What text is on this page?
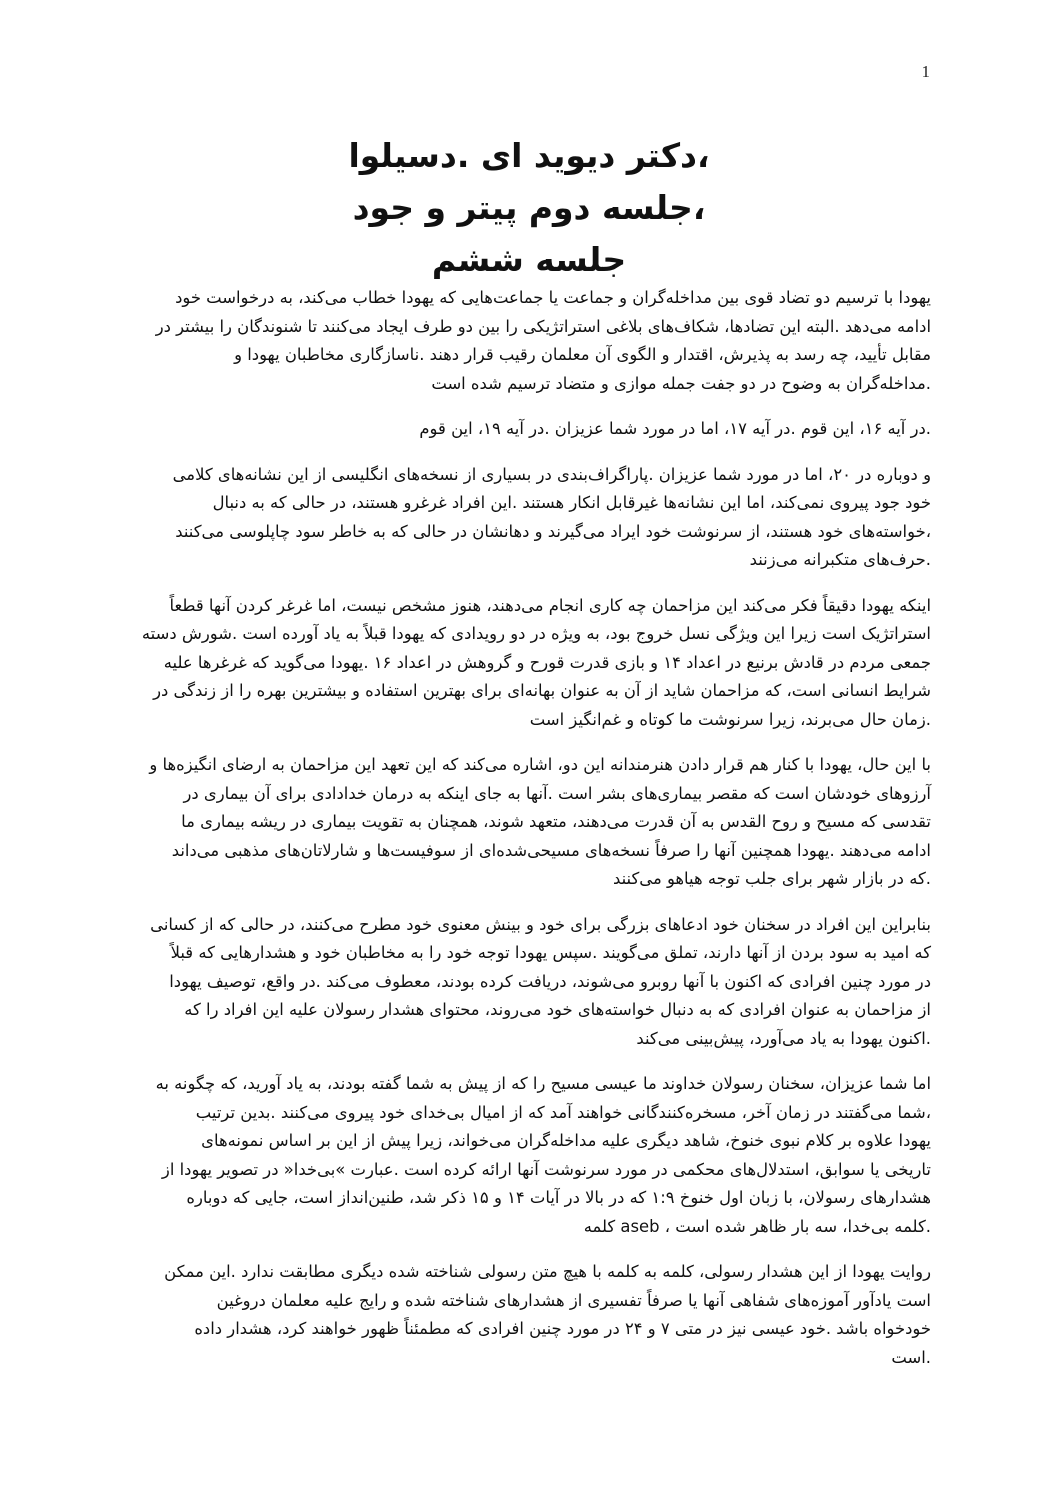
1
،دکتر دیوید ای .دسیلوا
،جلسه دوم پیتر و جود
جلسه ششم

یهودا با ترسیم دو تضاد قوی بین مداخله‌گران و جماعت یا جماعت‌هایی که یهودا خطاب می‌کند، به درخواست خود
ادامه می‌دهد .البته این تضادها، شکاف‌های بلاغی استراتژیکی را بین دو طرف ایجاد می‌کنند تا شنوندگان را بیشتر در
مقابل تأیید، چه رسد به پذیرش، اقتدار و الگوی آن معلمان رقیب قرار دهند .ناسازگاری مخاطبان یهودا و
.مداخله‌گران به وضوح در دو جفت جمله موازی و متضاد ترسیم شده است

.در آیه ۱۶، این قوم .در آیه ۱۷، اما در مورد شما عزیزان .در آیه ۱۹، این قوم

و دوباره در ۲۰، اما در مورد شما عزیزان .پاراگراف‌بندی در بسیاری از نسخه‌های انگلیسی از این نشانه‌های کلامی
خود جود پیروی نمی‌کند، اما این نشانه‌ها غیرقابل انکار هستند .این افراد غرغرو هستند، در حالی که به دنبال
،خواسته‌های خود هستند، از سرنوشت خود ایراد می‌گیرند و دهانشان در حالی که به خاطر سود چاپلوسی می‌کنند
.حرف‌های متکبرانه می‌زنند

اینکه یهودا دقیقاً فکر می‌کند این مزاحمان چه کاری انجام می‌دهند، هنوز مشخص نیست، اما غرغر کردن آنها قطعاً
استراتژیک است زیرا این ویژگی نسل خروج بود، به ویژه در دو رویدادی که یهودا قبلاً به یاد آورده است .شورش دسته
جمعی مردم در قادش برنیع در اعداد ۱۴ و بازی قدرت قورح و گروهش در اعداد ۱۶ .یهودا می‌گوید که غرغرها علیه
شرایط انسانی است، که مزاحمان شاید از آن به عنوان بهانه‌ای برای بهترین استفاده و بیشترین بهره را از زندگی در
.زمان حال می‌برند، زیرا سرنوشت ما کوتاه و غم‌انگیز است

با این حال، یهودا با کنار هم قرار دادن هنرمندانه این دو، اشاره می‌کند که این تعهد این مزاحمان به ارضای انگیزه‌ها و
آرزوهای خودشان است که مقصر بیماری‌های بشر است .آنها به جای اینکه به درمان خدادادی برای آن بیماری در
تقدسی که مسیح و روح القدس به آن قدرت می‌دهند، متعهد شوند، همچنان به تقویت بیماری در ریشه بیماری ما
ادامه می‌دهند .یهودا همچنین آنها را صرفاً نسخه‌های مسیحی‌شده‌ای از سوفیست‌ها و شارلاتان‌های مذهبی می‌داند
.که در بازار شهر برای جلب توجه هیاهو می‌کنند

بنابراین این افراد در سخنان خود ادعاهای بزرگی برای خود و بینش معنوی خود مطرح می‌کنند، در حالی که از کسانی
که امید به سود بردن از آنها دارند، تملق می‌گویند .سپس یهودا توجه خود را به مخاطبان خود و هشدارهایی که قبلاً
در مورد چنین افرادی که اکنون با آنها روبرو می‌شوند، دریافت کرده بودند، معطوف می‌کند .در واقع، توصیف یهودا
از مزاحمان به عنوان افرادی که به دنبال خواسته‌های خود می‌روند، محتوای هشدار رسولان علیه این افراد را که
.اکنون یهودا به یاد می‌آورد، پیش‌بینی می‌کند

اما شما عزیزان، سخنان رسولان خداوند ما عیسی مسیح را که از پیش به شما گفته بودند، به یاد آورید، که چگونه به
،شما می‌گفتند در زمان آخر، مسخره‌کنندگانی خواهند آمد که از امیال بی‌خدای خود پیروی می‌کنند .بدین ترتیب
یهودا علاوه بر کلام نبوی خنوخ، شاهد دیگری علیه مداخله‌گران می‌خواند، زیرا پیش از این بر اساس نمونه‌های
تاریخی یا سوابق، استدلال‌های محکمی در مورد سرنوشت آنها ارائه کرده است .عبارت »بی‌خدا« در تصویر یهودا از
هشدارهای رسولان، با زبان اول خنوخ ۱:۹ که در بالا در آیات ۱۴ و ۱۵ ذکر شد، طنین‌انداز است، جایی که دوباره
.کلمه بی‌خدا، سه بار ظاهر شده است ، aseb کلمه

روایت یهودا از این هشدار رسولی، کلمه به کلمه با هیچ متن رسولی شناخته شده دیگری مطابقت ندارد .این ممکن
است یادآور آموزه‌های شفاهی آنها یا صرفاً تفسیری از هشدارهای شناخته شده و رایج علیه معلمان دروغین
خودخواه باشد .خود عیسی نیز در متی ۷ و ۲۴ در مورد چنین افرادی که مطمئناً ظهور خواهند کرد، هشدار داده
.است
